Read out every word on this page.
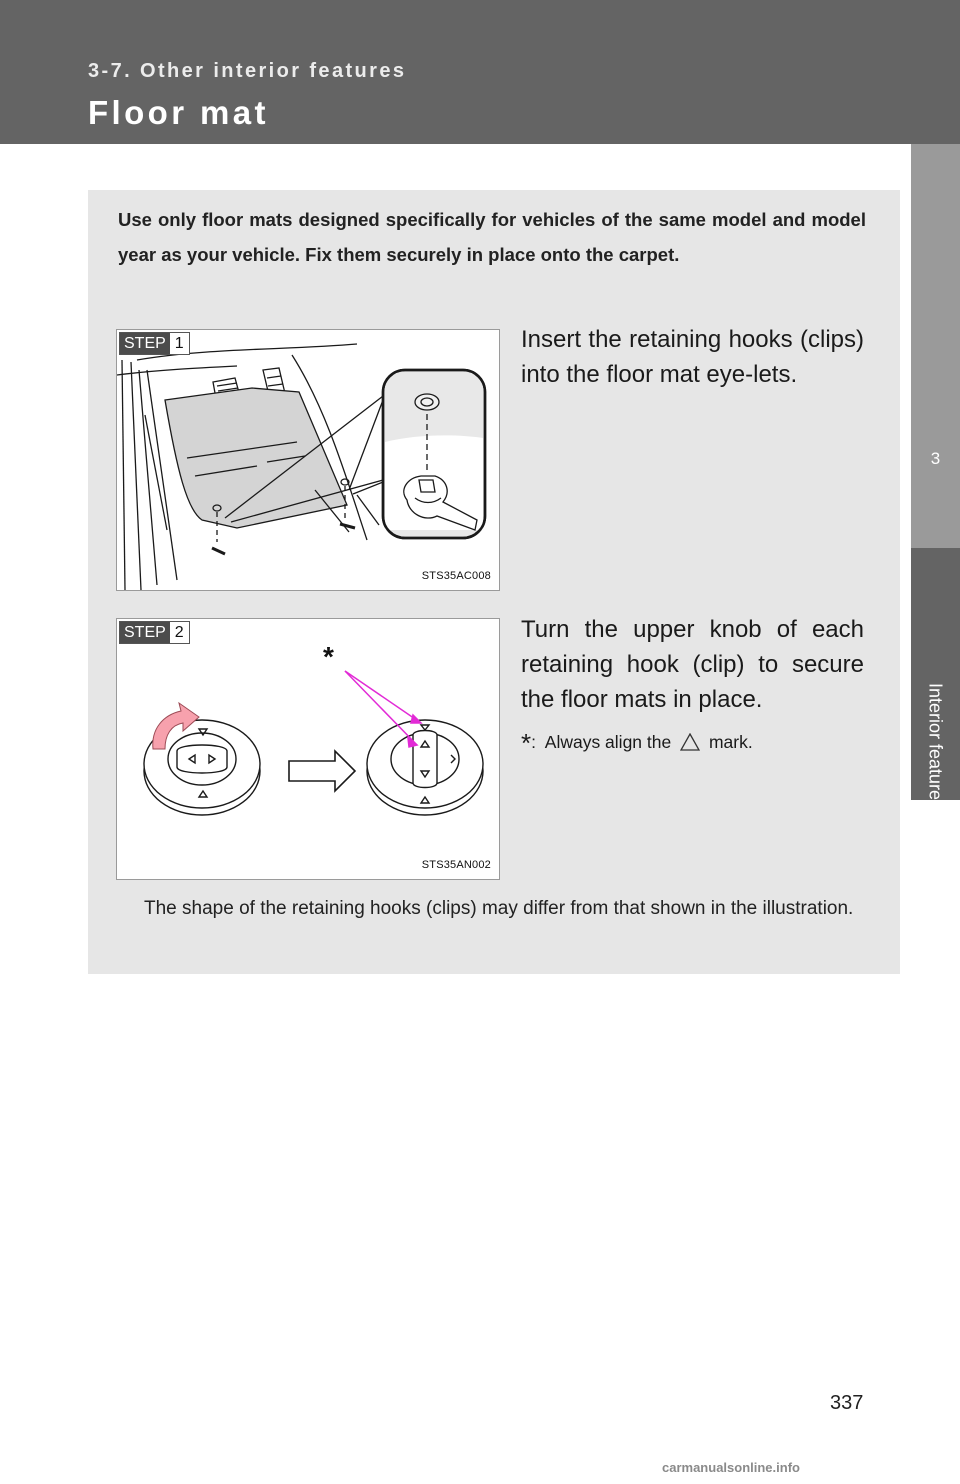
3-7. Other interior features
Floor mat
3
Interior features

Use only floor mats designed specifically for vehicles of the same model and model year as your vehicle. Fix them securely in place onto the carpet.

STEP 1
STS35AC008

Insert the retaining hooks (clips) into the floor mat eye-lets.

STEP 2
*
STS35AN002

Turn the upper knob of each retaining hook (clip) to secure the floor mats in place.

*: Always align the mark.

The shape of the retaining hooks (clips) may differ from that shown in the illustration.

337
carmanualsonline.info
